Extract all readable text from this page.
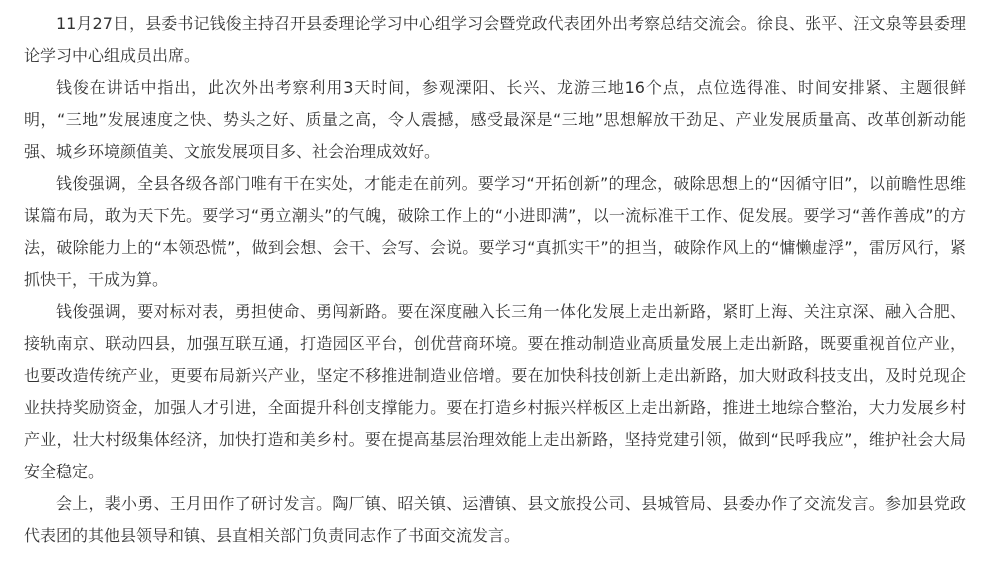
11月27日，县委书记钱俊主持召开县委理论学习中心组学习会暨党政代表团外出考察总结交流会。徐良、张平、汪文泉等县委理论学习中心组成员出席。

钱俊在讲话中指出，此次外出考察利用3天时间，参观溧阳、长兴、龙游三地16个点，点位选得准、时间安排紧、主题很鲜明，“三地”发展速度之快、势头之好、质量之高，令人震撼，感受最深是“三地”思想解放干劲足、产业发展质量高、改革创新动能强、城乡环境颜值美、文旅发展项目多、社会治理成效好。

钱俊强调，全县各级各部门唯有干在实处，才能走在前列。要学习“开拓创新”的理念，破除思想上的“因循守旧”，以前瞻性思维谋篇布局，敢为天下先。要学习“勇立潮头”的气魄，破除工作上的“小进即满”，以一流标准干工作、促发展。要学习“善作善成”的方法，破除能力上的“本领恐慌”，做到会想、会干、会写、会说。要学习“真抓实干”的担当，破除作风上的“慵懒虚浮”，雷厉风行，紧抓快干，干成为算。

钱俊强调，要对标对表，勇担使命、勇闯新路。要在深度融入长三角一体化发展上走出新路，紧盯上海、关注京深、融入合肥、接轨南京、联动四县，加强互联互通，打造园区平台，创优营商环境。要在推动制造业高质量发展上走出新路，既要重视首位产业，也要改造传统产业，更要布局新兴产业，坚定不移推进制造业倍增。要在加快科技创新上走出新路，加大财政科技支出，及时兑现企业扶持奖励资金，加强人才引进，全面提升科创支撑能力。要在打造乡村振兴样板区上走出新路，推进土地综合整治，大力发展乡村产业，壮大村级集体经济，加快打造和美乡村。要在提高基层治理效能上走出新路，坚持党建引领，做到“民呼我应”，维护社会大局安全稳定。

会上，裴小勇、王月田作了研讨发言。陶厂镇、昭关镇、运漕镇、县文旅投公司、县城管局、县委办作了交流发言。参加县党政代表团的其他县领导和镇、县直相关部门负责同志作了书面交流发言。
